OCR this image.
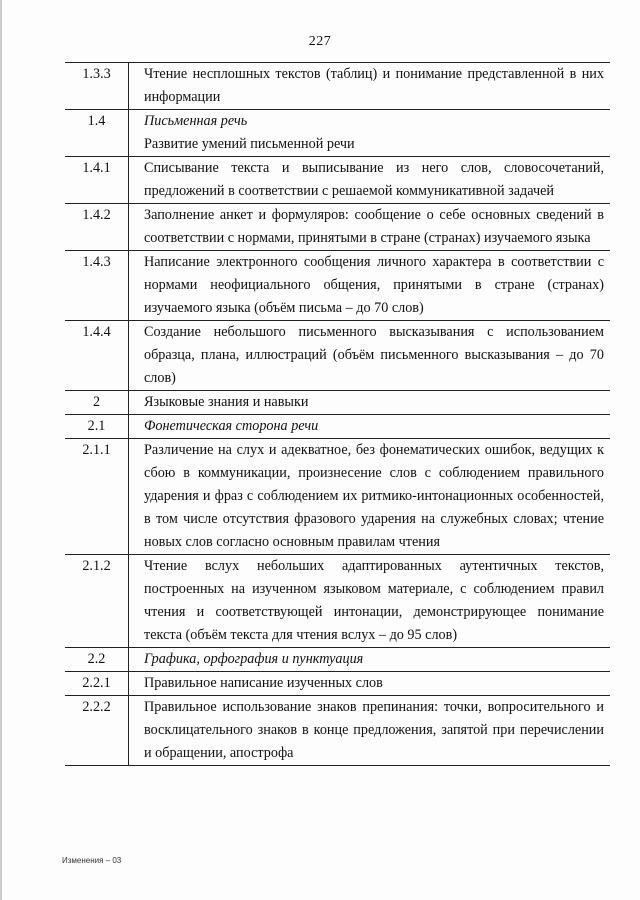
227
1.3.3	Чтение несплошных текстов (таблиц) и понимание представленной в них информации

1.4	Письменная речь
Развитие умений письменной речи

1.4.1	Списывание текста и выписывание из него слов, словосочетаний, предложений в соответствии с решаемой коммуникативной задачей

1.4.2	Заполнение анкет и формуляров: сообщение о себе основных сведений в соответствии с нормами, принятыми в стране (странах) изучаемого языка

1.4.3	Написание электронного сообщения личного характера в соответствии с нормами неофициального общения, принятыми в стране (странах) изучаемого языка (объём письма – до 70 слов)

1.4.4	Создание небольшого письменного высказывания с использованием образца, плана, иллюстраций (объём письменного высказывания – до 70 слов)

2	Языковые знания и навыки

2.1	Фонетическая сторона речи

2.1.1	Различение на слух и адекватное, без фонематических ошибок, ведущих к сбою в коммуникации, произнесение слов с соблюдением правильного ударения и фраз с соблюдением их ритмико-интонационных особенностей, в том числе отсутствия фразового ударения на служебных словах; чтение новых слов согласно основным правилам чтения

2.1.2	Чтение вслух небольших адаптированных аутентичных текстов, построенных на изученном языковом материале, с соблюдением правил чтения и соответствующей интонации, демонстрирующее понимание текста (объём текста для чтения вслух – до 95 слов)

2.2	Графика, орфография и пунктуация

2.2.1	Правильное написание изученных слов

2.2.2	Правильное использование знаков препинания: точки, вопросительного и восклицательного знаков в конце предложения, запятой при перечислении и обращении, апострофа
Изменения – 03
